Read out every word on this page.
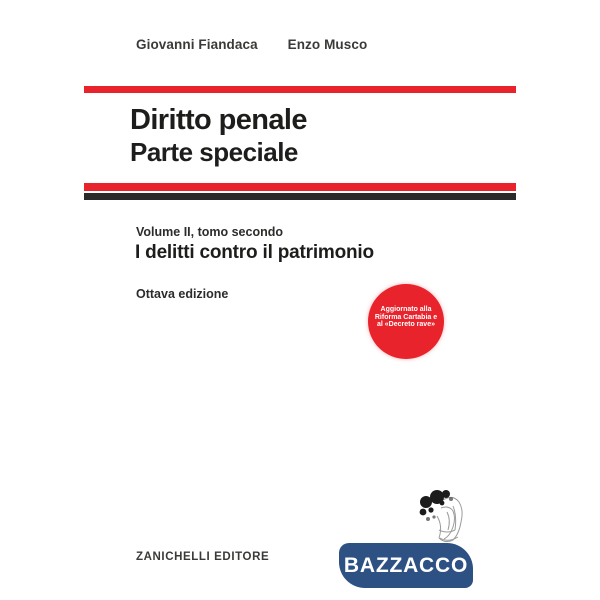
Giovanni Fiandaca Enzo Musco
Diritto penale
Parte speciale
Volume II, tomo secondo
I delitti contro il patrimonio
Ottava edizione
Aggiornato alla
Riforma Cartabia e
al «Decreto rave»
ZANICHELLI EDITORE	BAZZACCO
